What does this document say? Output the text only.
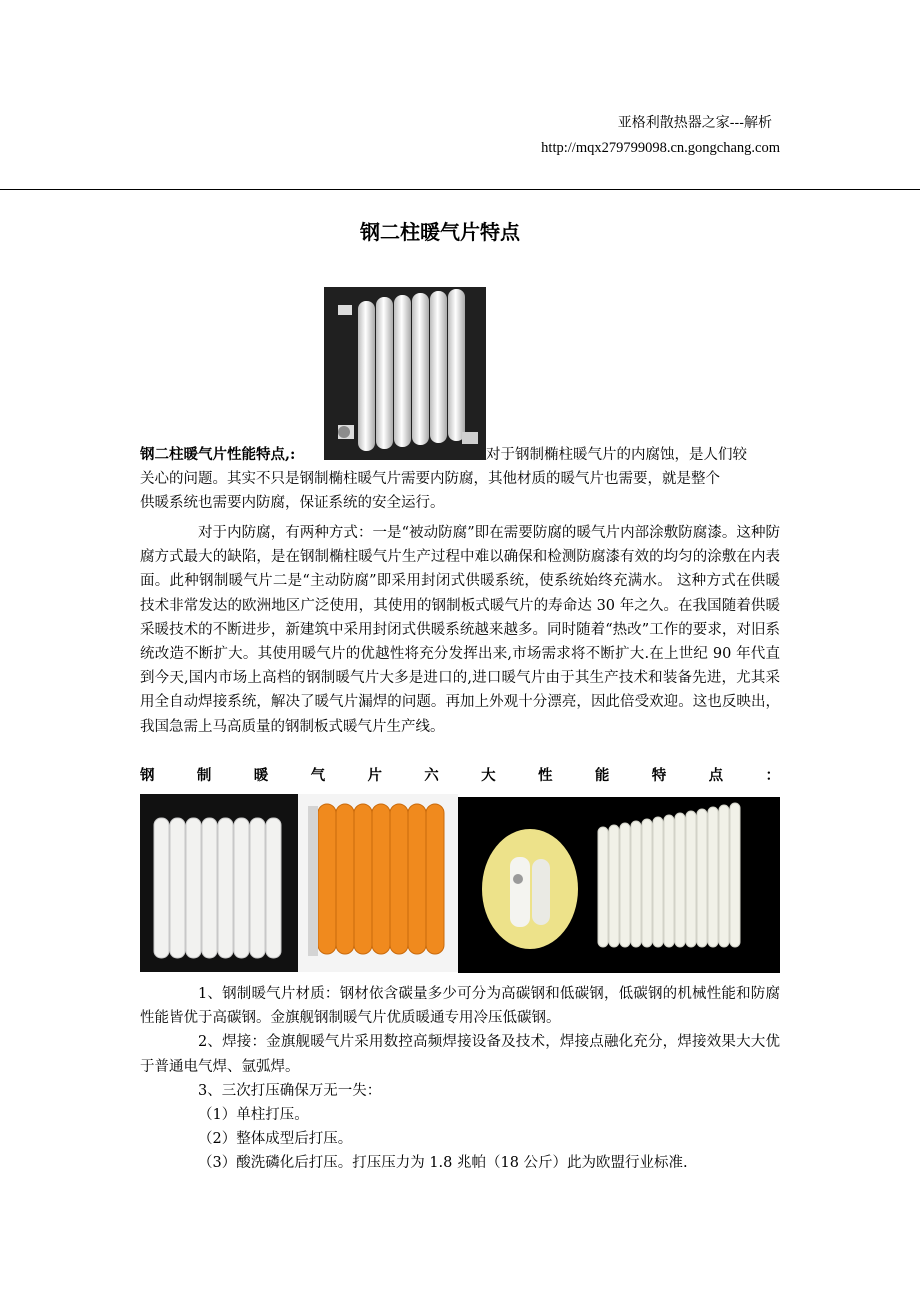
亚格利散热器之家---解析
http://mqx279799098.cn.gongchang.com
钢二柱暖气片特点
钢二柱暖气片性能特点,:	对于钢制椭柱暖气片的内腐蚀，是人们较

关心的问题。其实不只是钢制椭柱暖气片需要内防腐，其他材质的暖气片也需要，就是整个

供暖系统也需要内防腐，保证系统的安全运行。

对于内防腐，有两种方式：一是“被动防腐”即在需要防腐的暖气片内部涂敷防腐漆。这种防腐方式最大的缺陷，是在钢制椭柱暖气片生产过程中难以确保和检测防腐漆有效的均匀的涂敷在内表面。此种钢制暖气片二是“主动防腐”即采用封闭式供暖系统，使系统始终充满水。 这种方式在供暖技术非常发达的欧洲地区广泛使用，其使用的钢制板式暖气片的寿命达 30 年之久。在我国随着供暖采暖技术的不断进步，新建筑中采用封闭式供暖系统越来越多。同时随着“热改”工作的要求，对旧系统改造不断扩大。其使用暖气片的优越性将充分发挥出来,市场需求将不断扩大.在上世纪 90 年代直到今天,国内市场上高档的钢制暖气片大多是进口的,进口暖气片由于其生产技术和装备先进，尤其采用全自动焊接系统，解决了暖气片漏焊的问题。再加上外观十分漂亮，因此倍受欢迎。这也反映出，我国急需上马高质量的钢制板式暖气片生产线。

钢	制	暖	气	片	六	大	性	能	特	点	：

1、钢制暖气片材质：钢材依含碳量多少可分为高碳钢和低碳钢，低碳钢的机械性能和防腐性能皆优于高碳钢。金旗舰钢制暖气片优质暖通专用冷压低碳钢。

2、焊接：金旗舰暖气片采用数控高频焊接设备及技术，焊接点融化充分，焊接效果大大优于普通电气焊、氩弧焊。

3、三次打压确保万无一失：

（1）单柱打压。

（2）整体成型后打压。

（3）酸洗磷化后打压。打压压力为 1.8 兆帕（18 公斤）此为欧盟行业标准.
